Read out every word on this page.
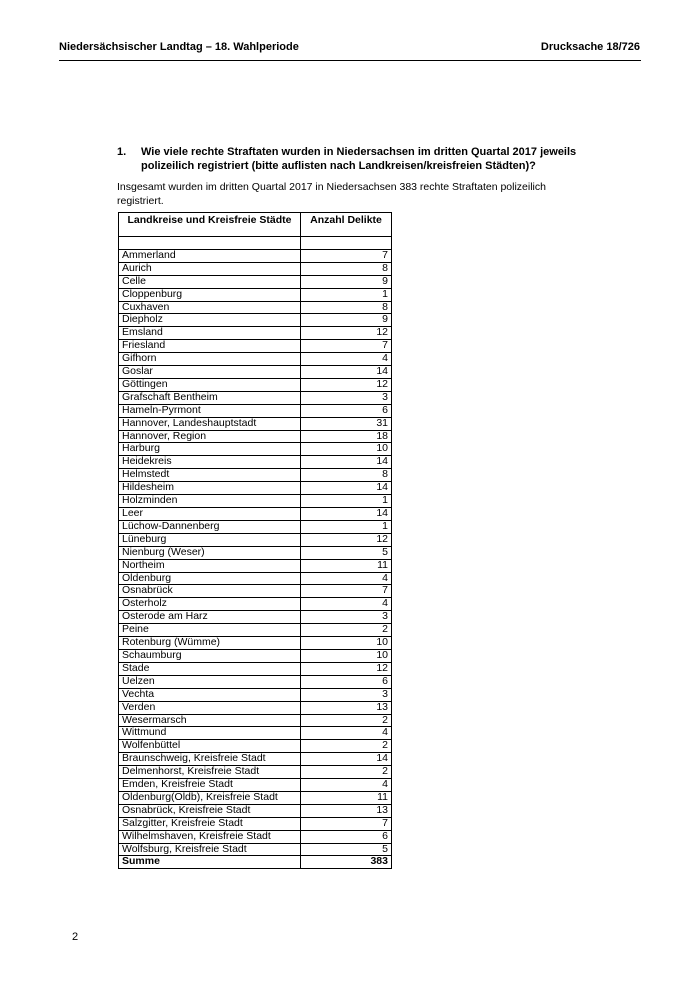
Niedersächsischer Landtag – 18. Wahlperiode	Drucksache 18/726
1. Wie viele rechte Straftaten wurden in Niedersachsen im dritten Quartal 2017 jeweils polizeilich registriert (bitte auflisten nach Landkreisen/kreisfreien Städten)?
Insgesamt wurden im dritten Quartal 2017 in Niedersachsen 383 rechte Straftaten polizeilich registriert.
Landkreise und Kreisfreie Städte	Anzahl Delikte

Ammerland	7
Aurich	8
Celle	9
Cloppenburg	1
Cuxhaven	8
Diepholz	9
Emsland	12
Friesland	7
Gifhorn	4
Goslar	14
Göttingen	12
Grafschaft Bentheim	3
Hameln-Pyrmont	6
Hannover, Landeshauptstadt	31
Hannover, Region	18
Harburg	10
Heidekreis	14
Helmstedt	8
Hildesheim	14
Holzminden	1
Leer	14
Lüchow-Dannenberg	1
Lüneburg	12
Nienburg (Weser)	5
Northeim	11
Oldenburg	4
Osnabrück	7
Osterholz	4
Osterode am Harz	3
Peine	2
Rotenburg (Wümme)	10
Schaumburg	10
Stade	12
Uelzen	6
Vechta	3
Verden	13
Wesermarsch	2
Wittmund	4
Wolfenbüttel	2
Braunschweig, Kreisfreie Stadt	14
Delmenhorst, Kreisfreie Stadt	2
Emden, Kreisfreie Stadt	4
Oldenburg(Oldb), Kreisfreie Stadt	11
Osnabrück, Kreisfreie Stadt	13
Salzgitter, Kreisfreie Stadt	7
Wilhelmshaven, Kreisfreie Stadt	6
Wolfsburg, Kreisfreie Stadt	5
Summe	383
2
